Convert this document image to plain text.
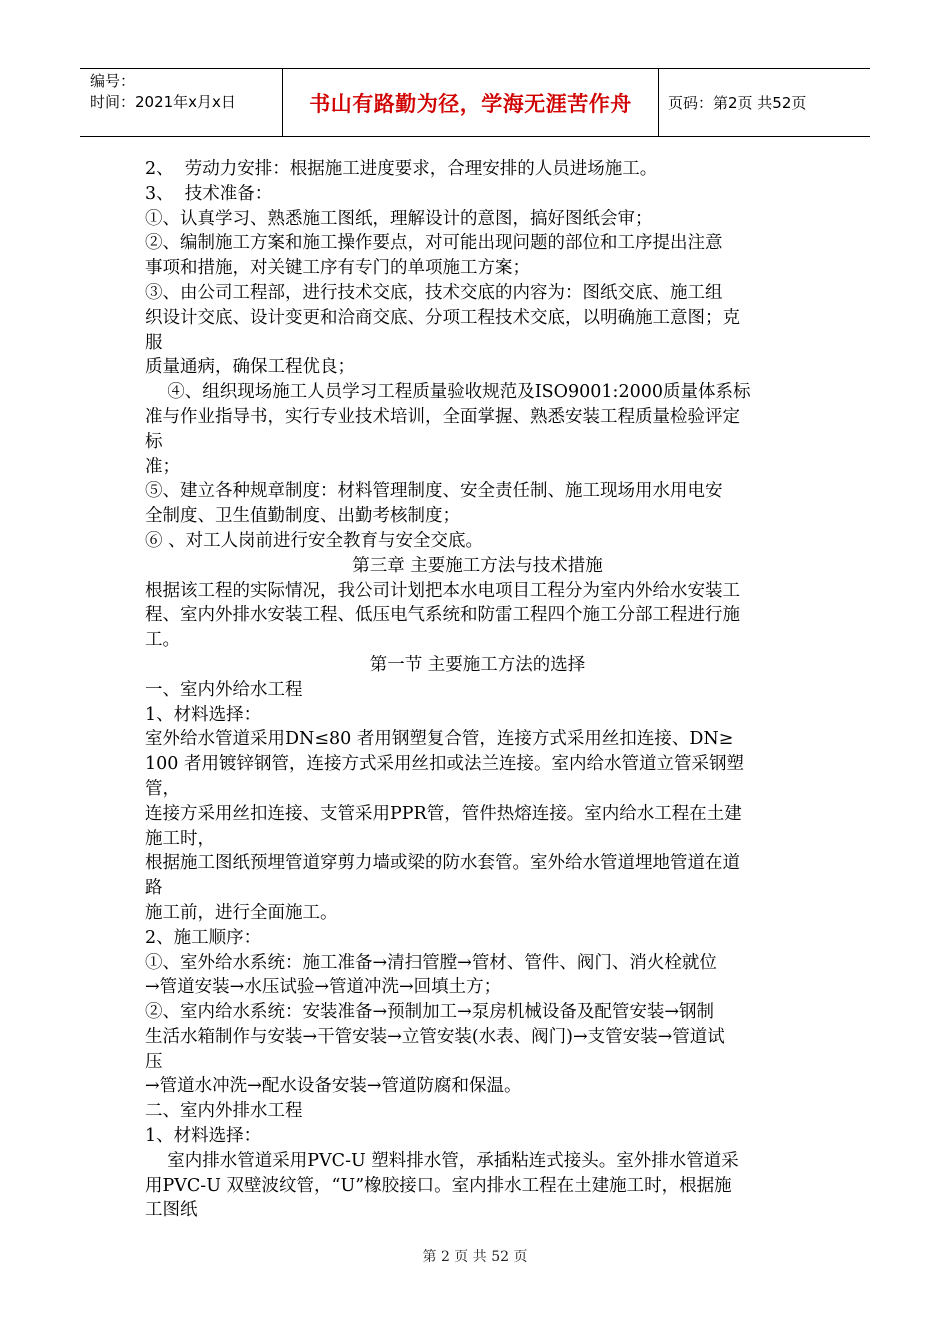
编号：
时间：2021年x月x日	书山有路勤为径，学海无涯苦作舟	页码：第2页 共52页

2、  劳动力安排：根据施工进度要求，合理安排的人员进场施工。

3、  技术准备：

①、认真学习、熟悉施工图纸，理解设计的意图，搞好图纸会审；

②、编制施工方案和施工操作要点，对可能出现问题的部位和工序提出注意

事项和措施，对关键工序有专门的单项施工方案；

③、由公司工程部，进行技术交底，技术交底的内容为：图纸交底、施工组

织设计交底、设计变更和洽商交底、分项工程技术交底，以明确施工意图；克

服

质量通病，确保工程优良；

④、组织现场施工人员学习工程质量验收规范及ISO9001:2000质量体系标

准与作业指导书，实行专业技术培训，全面掌握、熟悉安装工程质量检验评定

标

准；

⑤、建立各种规章制度：材料管理制度、安全责任制、施工现场用水用电安

全制度、卫生值勤制度、出勤考核制度；

⑥ 、对工人岗前进行安全教育与安全交底。

第三章 主要施工方法与技术措施

根据该工程的实际情况，我公司计划把本水电项目工程分为室内外给水安装工

程、室内外排水安装工程、低压电气系统和防雷工程四个施工分部工程进行施

工。

第一节 主要施工方法的选择

一、室内外给水工程

1、材料选择：

室外给水管道采用DN≤80 者用钢塑复合管，连接方式采用丝扣连接、DN≥

100 者用镀锌钢管，连接方式采用丝扣或法兰连接。室内给水管道立管采钢塑

管，

连接方采用丝扣连接、支管采用PPR管，管件热熔连接。室内给水工程在土建

施工时，

根据施工图纸预埋管道穿剪力墙或梁的防水套管。室外给水管道埋地管道在道

路

施工前，进行全面施工。

2、施工顺序：

①、室外给水系统：施工准备→清扫管膛→管材、管件、阀门、消火栓就位

→管道安装→水压试验→管道冲洗→回填土方；

②、室内给水系统：安装准备→预制加工→泵房机械设备及配管安装→钢制

生活水箱制作与安装→干管安装→立管安装(水表、阀门)→支管安装→管道试

压

→管道水冲洗→配水设备安装→管道防腐和保温。

二、室内外排水工程

1、材料选择：

室内排水管道采用PVC-U 塑料排水管，承插粘连式接头。室外排水管道采

用PVC-U 双壁波纹管，“U”橡胶接口。室内排水工程在土建施工时，根据施

工图纸

第 2 页 共 52 页
